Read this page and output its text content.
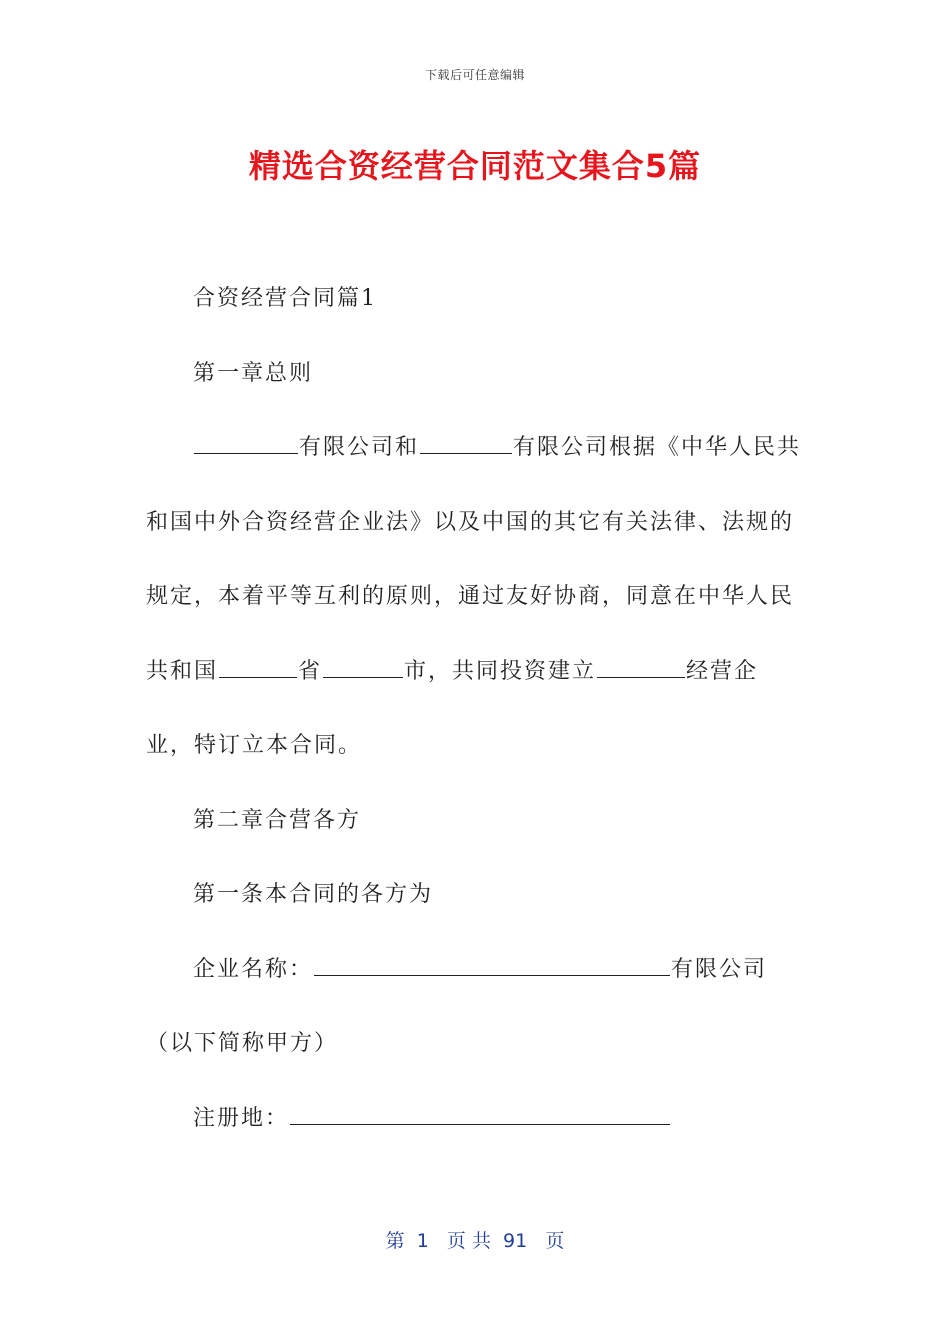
下载后可任意编辑
精选合资经营合同范文集合5篇

合资经营合同篇1

第一章总则

有限公司和	有限公司根据《中华人民共和国中外合资经营企业法》以及中国的其它有关法律、法规的规定，本着平等互利的原则，通过友好协商，同意在中华人民共和国	省	市，共同投资建立	经营企业，特订立本合同。

第二章合营各方

第一条本合同的各方为

企业名称：	有限公司

（以下简称甲方）

注册地：

第  1   页 共  91   页
